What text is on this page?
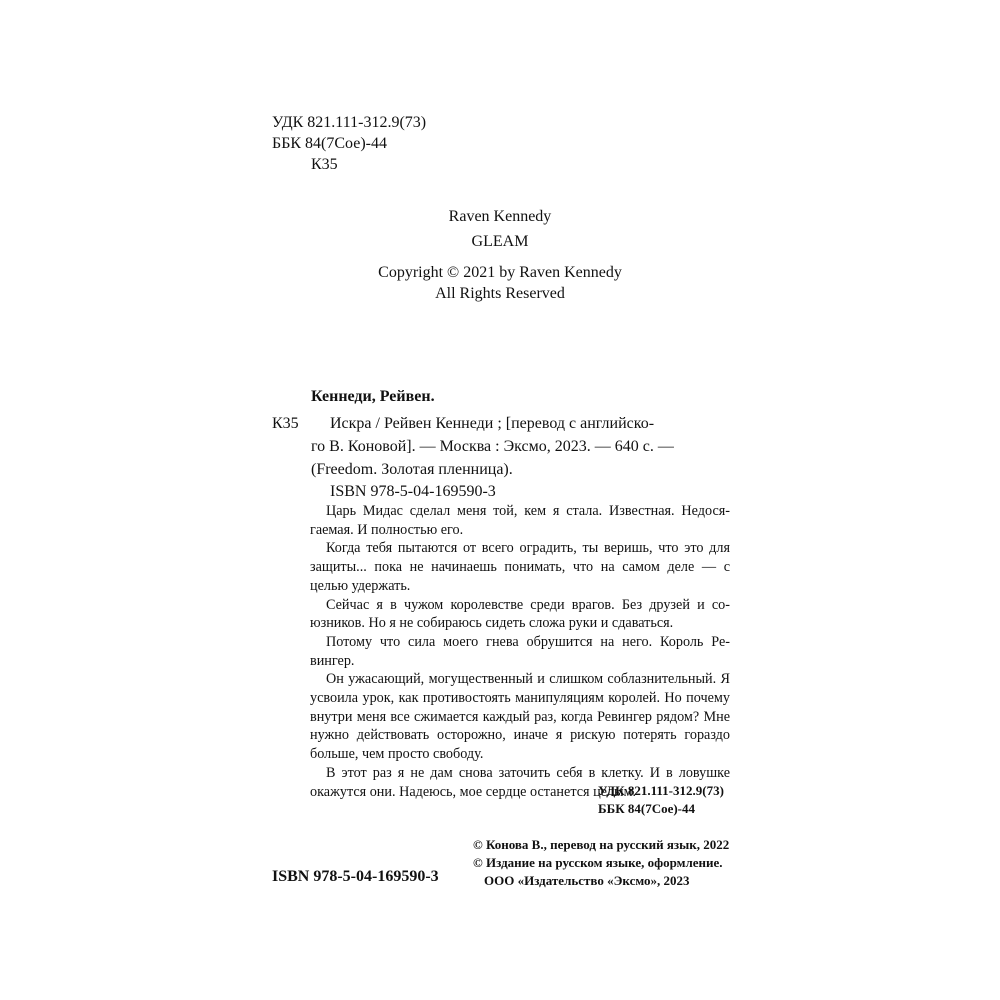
УДК 821.111-312.9(73)
ББК 84(7Сое)-44
К35
Raven Kennedy
GLEAM
Copyright © 2021 by Raven Kennedy
All Rights Reserved
Кеннеди, Рейвен.
К35 Искра / Рейвен Кеннеди ; [перевод с английско-
го В. Коновой]. — Москва : Эксмо, 2023. — 640 с. —
(Freedom. Золотая пленница).
ISBN 978-5-04-169590-3

Царь Мидас сделал меня той, кем я стала. Известная. Недосягаемая. И полностью его.

Когда тебя пытаются от всего оградить, ты веришь, что это для защиты... пока не начинаешь понимать, что на самом деле — с целью удержать.

Сейчас я в чужом королевстве среди врагов. Без друзей и союзников. Но я не собираюсь сидеть сложа руки и сдаваться.

Потому что сила моего гнева обрушится на него. Король Ревингер.

Он ужасающий, могущественный и слишком соблазнительный. Я усвоила урок, как противостоять манипуляциям королей. Но почему внутри меня все сжимается каждый раз, когда Ревингер рядом? Мне нужно действовать осторожно, иначе я рискую потерять гораздо больше, чем просто свободу.

В этот раз я не дам снова заточить себя в клетку. И в ловушке окажутся они. Надеюсь, мое сердце останется целым.

УДК 821.111-312.9(73)
ББК 84(7Сое)-44
ISBN 978-5-04-169590-3
© Конова В., перевод на русский язык, 2022
© Издание на русском языке, оформление.
ООО «Издательство «Эксмо», 2023
